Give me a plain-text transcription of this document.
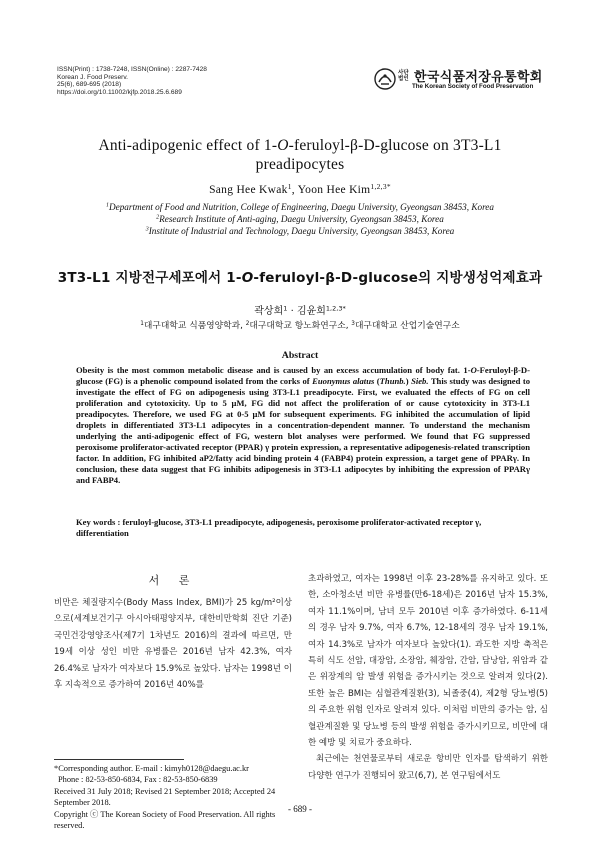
ISSN(Print) : 1738-7248, ISSN(Online) : 2287-7428
Korean J. Food Preserv.
25(6), 689-695 (2018)
https://doi.org/10.11002/kjfp.2018.25.6.689
사단 법인 한국식품저장유통학회
The Korean Society of Food Preservation
Anti-adipogenic effect of 1-O-feruloyl-β-D-glucose on 3T3-L1
preadipocytes
Sang Hee Kwak$^1$, Yoon Hee Kim$^{1,2,3*}$
$^1$Department of Food and Nutrition, College of Engineering, Daegu University, Gyeongsan 38453, Korea
$^2$Research Institute of Anti-aging, Daegu University, Gyeongsan 38453, Korea
$^3$Institute of Industrial and Technology, Daegu University, Gyeongsan 38453, Korea
3T3-L1 지방전구세포에서 1-O-feruloyl-β-D-glucose의 지방생성억제효과
곽상희$^1$ · 김윤희$^{1,2,3*}$
$^1$대구대학교 식품영양학과, $^2$대구대학교 항노화연구소, $^3$대구대학교 산업기술연구소
Abstract
Obesity is the most common metabolic disease and is caused by an excess accumulation of body fat. 1-O-Feruloyl-β-D-glucose (FG) is a phenolic compound isolated from the corks of Euonymus alatus (Thunb.) Sieb. This study was designed to investigate the effect of FG on adipogenesis using 3T3-L1 preadipocyte. First, we evaluated the effects of FG on cell proliferation and cytotoxicity. Up to 5 μM, FG did not affect the proliferation of or cause cytotoxicity in 3T3-L1 preadipocytes. Therefore, we used FG at 0-5 μM for subsequent experiments. FG inhibited the accumulation of lipid droplets in differentiated 3T3-L1 adipocytes in a concentration-dependent manner. To understand the mechanism underlying the anti-adipogenic effect of FG, western blot analyses were performed. We found that FG suppressed peroxisome proliferator-activated receptor (PPAR) γ protein expression, a representative adipogenesis-related transcription factor. In addition, FG inhibited aP2/fatty acid binding protein 4 (FABP4) protein expression, a target gene of PPARγ. In conclusion, these data suggest that FG inhibits adipogenesis in 3T3-L1 adipocytes by inhibiting the expression of PPARγ and FABP4.
Key words : feruloyl-glucose, 3T3-L1 preadipocyte, adipogenesis, peroxisome proliferator-activated receptor γ, differentiation
서 론
비만은 체질량지수(Body Mass Index, BMI)가 25 kg/m²이상으로(세계보건기구 아시아태평양지부, 대한비만학회 진단 기준) 국민건강영양조사(제7기 1차년도 2016)의 결과에 따르면, 만 19세 이상 성인 비만 유병률은 2016년 남자 42.3%, 여자 26.4%로 남자가 여자보다 15.9%로 높았다. 남자는 1998년 이후 지속적으로 증가하여 2016년 40%를
초과하였고, 여자는 1998년 이후 23-28%를 유지하고 있다. 또한, 소아청소년 비만 유병률(만6-18세)은 2016년 남자 15.3%, 여자 11.1%이며, 남녀 모두 2010년 이후 증가하였다. 6-11세의 경우 남자 9.7%, 여자 6.7%, 12-18세의 경우 남자 19.1%, 여자 14.3%로 남자가 여자보다 높았다(1). 과도한 지방 축적은 특히 식도 선암, 대장암, 소장암, 췌장암, 간암, 담낭암, 위암과 같은 위장계의 암 발생 위험을 증가시키는 것으로 알려져 있다(2). 또한 높은 BMI는 심혈관계질환(3), 뇌졸중(4), 제2형 당뇨병(5)의 주요한 위험 인자로 알려져 있다. 이처럼 비만의 증가는 암, 심혈관계질환 및 당뇨병 등의 발생 위험을 증가시키므로, 비만에 대한 예방 및 치료가 중요하다.
최근에는 천연물로부터 새로운 항비만 인자를 탐색하기 위한 다양한 연구가 진행되어 왔고(6,7), 본 연구팀에서도
*Corresponding author. E-mail : kimyh0128@daegu.ac.kr
Phone : 82-53-850-6834, Fax : 82-53-850-6839
Received 31 July 2018; Revised 21 September 2018; Accepted 24 September 2018.
Copyright ⓒ The Korean Society of Food Preservation. All rights reserved.
- 689 -
